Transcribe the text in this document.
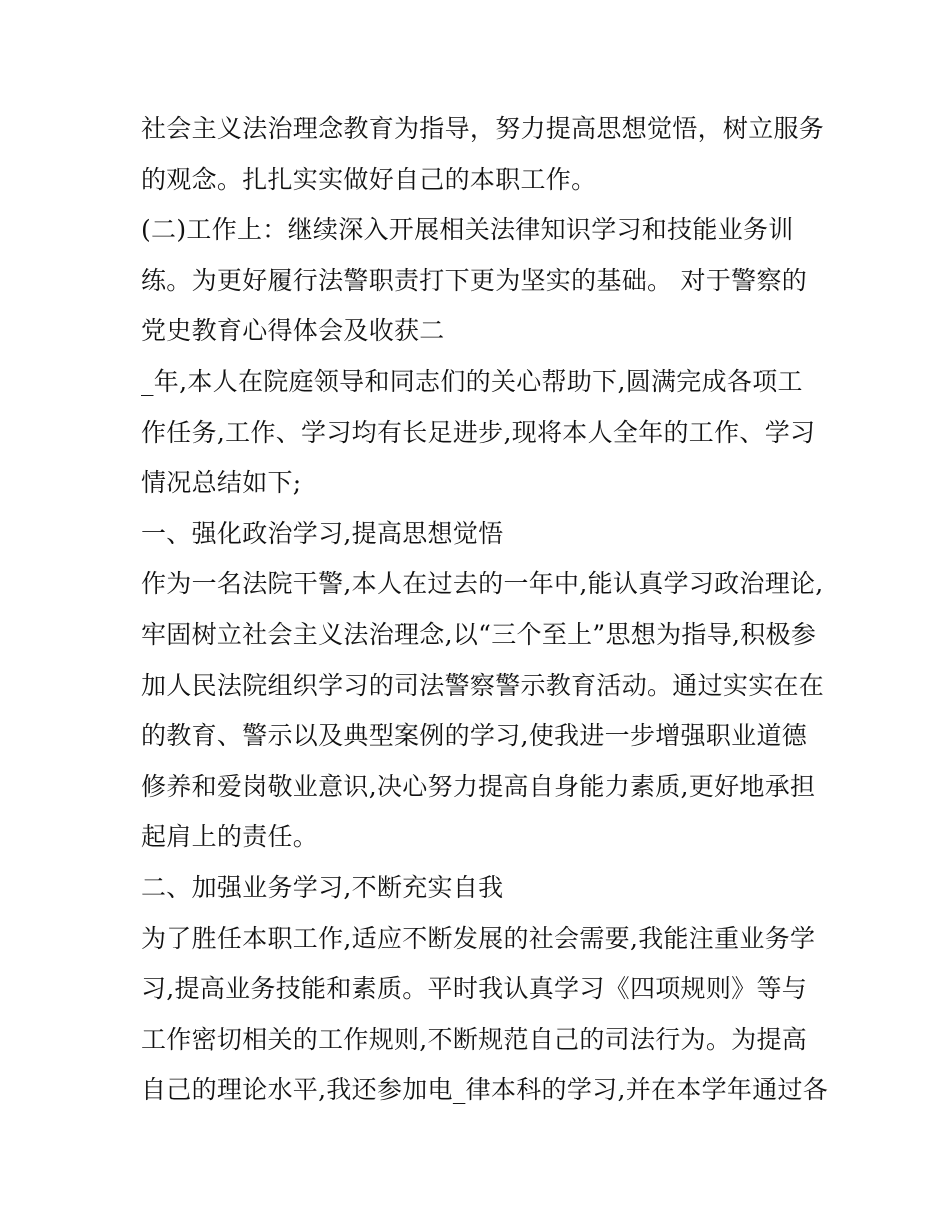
社会主义法治理念教育为指导，努力提高思想觉悟，树立服务
的观念。扎扎实实做好自己的本职工作。
(二)工作上：继续深入开展相关法律知识学习和技能业务训
练。为更好履行法警职责打下更为坚实的基础。 对于警察的
党史教育心得体会及收获二
_年,本人在院庭领导和同志们的关心帮助下,圆满完成各项工
作任务,工作、学习均有长足进步,现将本人全年的工作、学习
情况总结如下;
一、强化政治学习,提高思想觉悟
作为一名法院干警,本人在过去的一年中,能认真学习政治理论,
牢固树立社会主义法治理念,以“三个至上”思想为指导,积极参
加人民法院组织学习的司法警察警示教育活动。通过实实在在
的教育、警示以及典型案例的学习,使我进一步增强职业道德
修养和爱岗敬业意识,决心努力提高自身能力素质,更好地承担
起肩上的责任。
二、加强业务学习,不断充实自我
为了胜任本职工作,适应不断发展的社会需要,我能注重业务学
习,提高业务技能和素质。平时我认真学习《四项规则》等与
工作密切相关的工作规则,不断规范自己的司法行为。为提高
自己的理论水平,我还参加电_律本科的学习,并在本学年通过各
